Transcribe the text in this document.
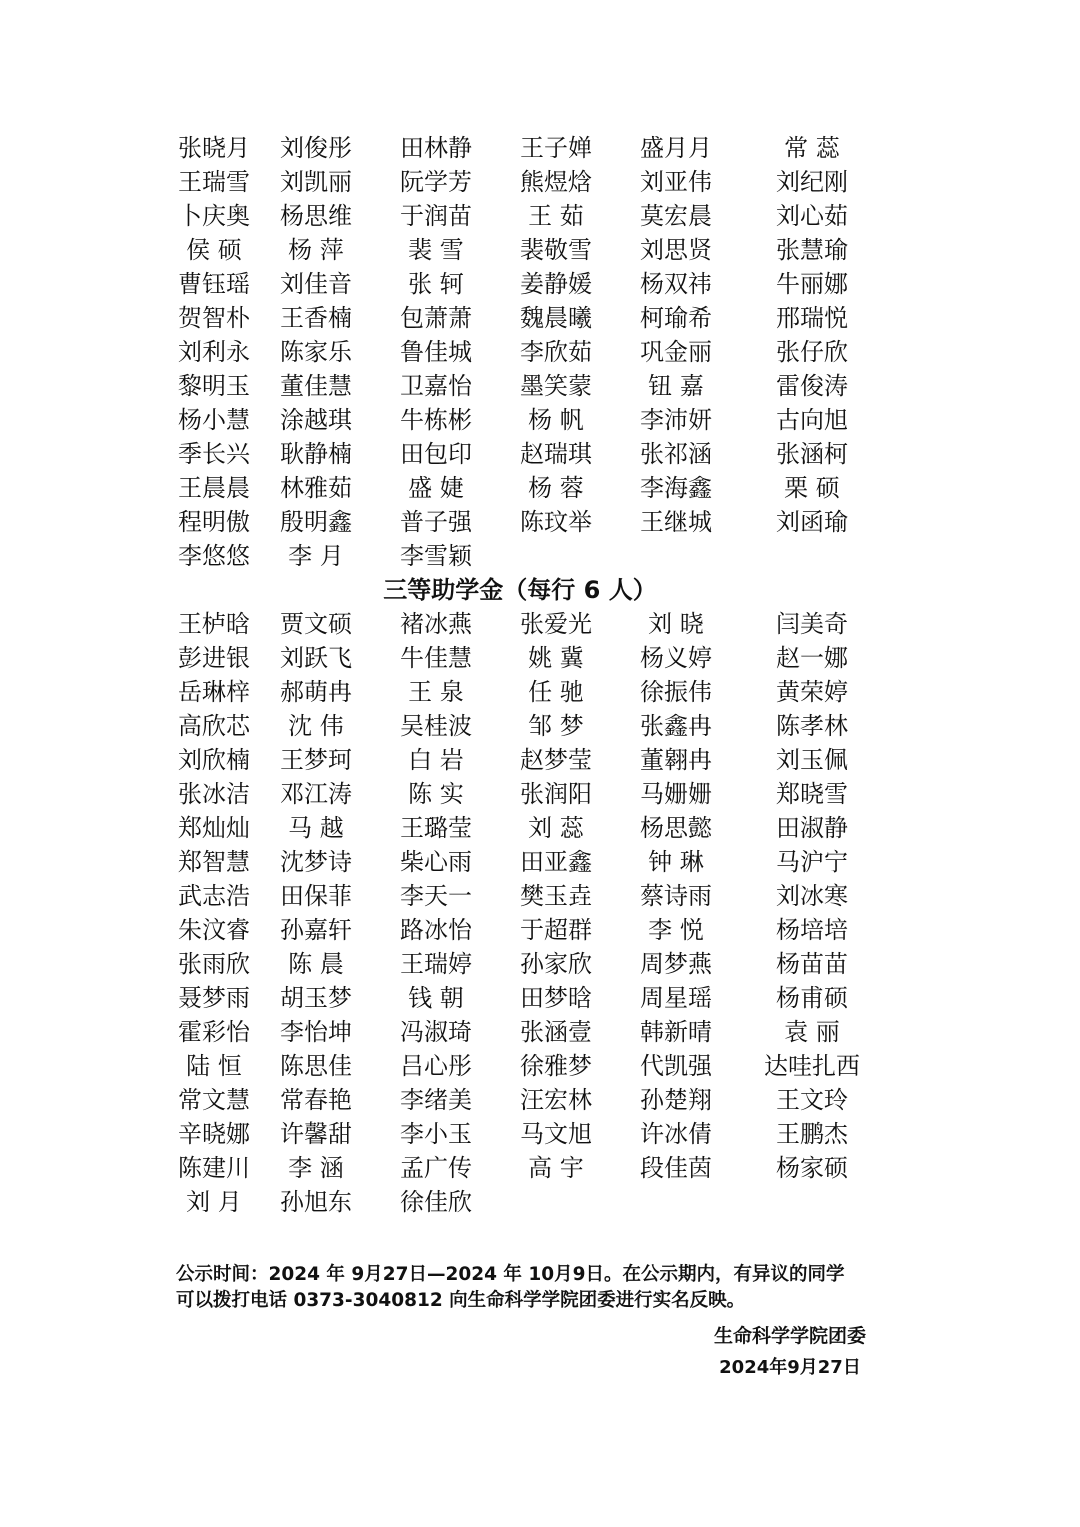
张晓月	刘俊彤	田林静	王子婵	盛月月	常 蕊
王瑞雪	刘凯丽	阮学芳	熊煜焓	刘亚伟	刘纪刚
卜庆奥	杨思维	于润苗	王 茹	莫宏晨	刘心茹
侯 硕	杨 萍	裴 雪	裴敬雪	刘思贤	张慧瑜
曹钰瑶	刘佳音	张 轲	姜静媛	杨双祎	牛丽娜
贺智朴	王香楠	包萧萧	魏晨曦	柯瑜希	邢瑞悦
刘利永	陈家乐	鲁佳城	李欣茹	巩金丽	张仔欣
黎明玉	董佳慧	卫嘉怡	墨笑蒙	钮 嘉	雷俊涛
杨小慧	涂越琪	牛栋彬	杨 帆	李沛妍	古向旭
季长兴	耿静楠	田包印	赵瑞琪	张祁涵	张涵柯
王晨晨	林雅茹	盛 婕	杨 蓉	李海鑫	栗 硕
程明傲	殷明鑫	普子强	陈玟举	王继城	刘函瑜
李悠悠	李 月	李雪颖
三等助学金（每行 6 人）
王栌晗	贾文硕	褚冰燕	张爱光	刘 晓	闫美奇
彭进银	刘跃飞	牛佳慧	姚 冀	杨义婷	赵一娜
岳琳梓	郝萌冉	王 泉	任 驰	徐振伟	黄荣婷
高欣芯	沈 伟	吴桂波	邹 梦	张鑫冉	陈孝林
刘欣楠	王梦珂	白 岩	赵梦莹	董翱冉	刘玉佩
张冰洁	邓江涛	陈 实	张润阳	马姗姗	郑晓雪
郑灿灿	马 越	王璐莹	刘 蕊	杨思懿	田淑静
郑智慧	沈梦诗	柴心雨	田亚鑫	钟 琳	马沪宁
武志浩	田保菲	李天一	樊玉垚	蔡诗雨	刘冰寒
朱汶睿	孙嘉轩	路冰怡	于超群	李 悦	杨培培
张雨欣	陈 晨	王瑞婷	孙家欣	周梦燕	杨苗苗
聂梦雨	胡玉梦	钱 朝	田梦晗	周星瑶	杨甫硕
霍彩怡	李怡坤	冯淑琦	张涵壹	韩新晴	袁 丽
陆 恒	陈思佳	吕心彤	徐雅梦	代凯强	达哇扎西
常文慧	常春艳	李绪美	汪宏林	孙楚翔	王文玲
辛晓娜	许馨甜	李小玉	马文旭	许冰倩	王鹏杰
陈建川	李 涵	孟广传	高 宇	段佳茵	杨家硕
刘 月	孙旭东	徐佳欣
公示时间：2024 年 9月27日—2024 年 10月9日。在公示期内，有异议的同学
可以拨打电话 0373-3040812 向生命科学学院团委进行实名反映。
生命科学学院团委
2024年9月27日
